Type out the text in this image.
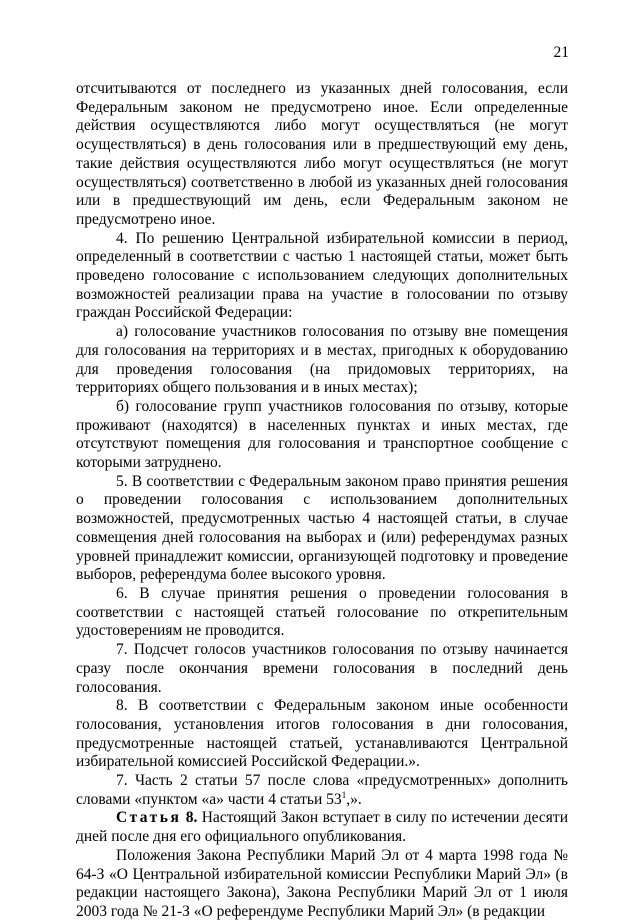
21

отсчитываются от последнего из указанных дней голосования, если Федеральным законом не предусмотрено иное. Если определенные действия осуществляются либо могут осуществляться (не могут осуществляться) в день голосования или в предшествующий ему день, такие действия осуществляются либо могут осуществляться (не могут осуществляться) соответственно в любой из указанных дней голосования или в предшествующий им день, если Федеральным законом не предусмотрено иное.

4. По решению Центральной избирательной комиссии в период, определенный в соответствии с частью 1 настоящей статьи, может быть проведено голосование с использованием следующих дополнительных возможностей реализации права на участие в голосовании по отзыву граждан Российской Федерации:

а) голосование участников голосования по отзыву вне помещения для голосования на территориях и в местах, пригодных к оборудованию для проведения голосования (на придомовых территориях, на территориях общего пользования и в иных местах);

б) голосование групп участников голосования по отзыву, которые проживают (находятся) в населенных пунктах и иных местах, где отсутствуют помещения для голосования и транспортное сообщение с которыми затруднено.

5. В соответствии с Федеральным законом право принятия решения о проведении голосования с использованием дополнительных возможностей, предусмотренных частью 4 настоящей статьи, в случае совмещения дней голосования на выборах и (или) референдумах разных уровней принадлежит комиссии, организующей подготовку и проведение выборов, референдума более высокого уровня.

6. В случае принятия решения о проведении голосования в соответствии с настоящей статьей голосование по открепительным удостоверениям не проводится.

7. Подсчет голосов участников голосования по отзыву начинается сразу после окончания времени голосования в последний день голосования.

8. В соответствии с Федеральным законом иные особенности голосования, установления итогов голосования в дни голосования, предусмотренные настоящей статьей, устанавливаются Центральной избирательной комиссией Российской Федерации.».

7. Часть 2 статьи 57 после слова «предусмотренных» дополнить словами «пунктом «а» части 4 статьи $53^1$,».

Статья 8. Настоящий Закон вступает в силу по истечении десяти дней после дня его официального опубликования.

Положения Закона Республики Марий Эл от 4 марта 1998 года № 64-З «О Центральной избирательной комиссии Республики Марий Эл» (в редакции настоящего Закона), Закона Республики Марий Эл от 1 июля 2003 года № 21-З «О референдуме Республики Марий Эл» (в редакции
